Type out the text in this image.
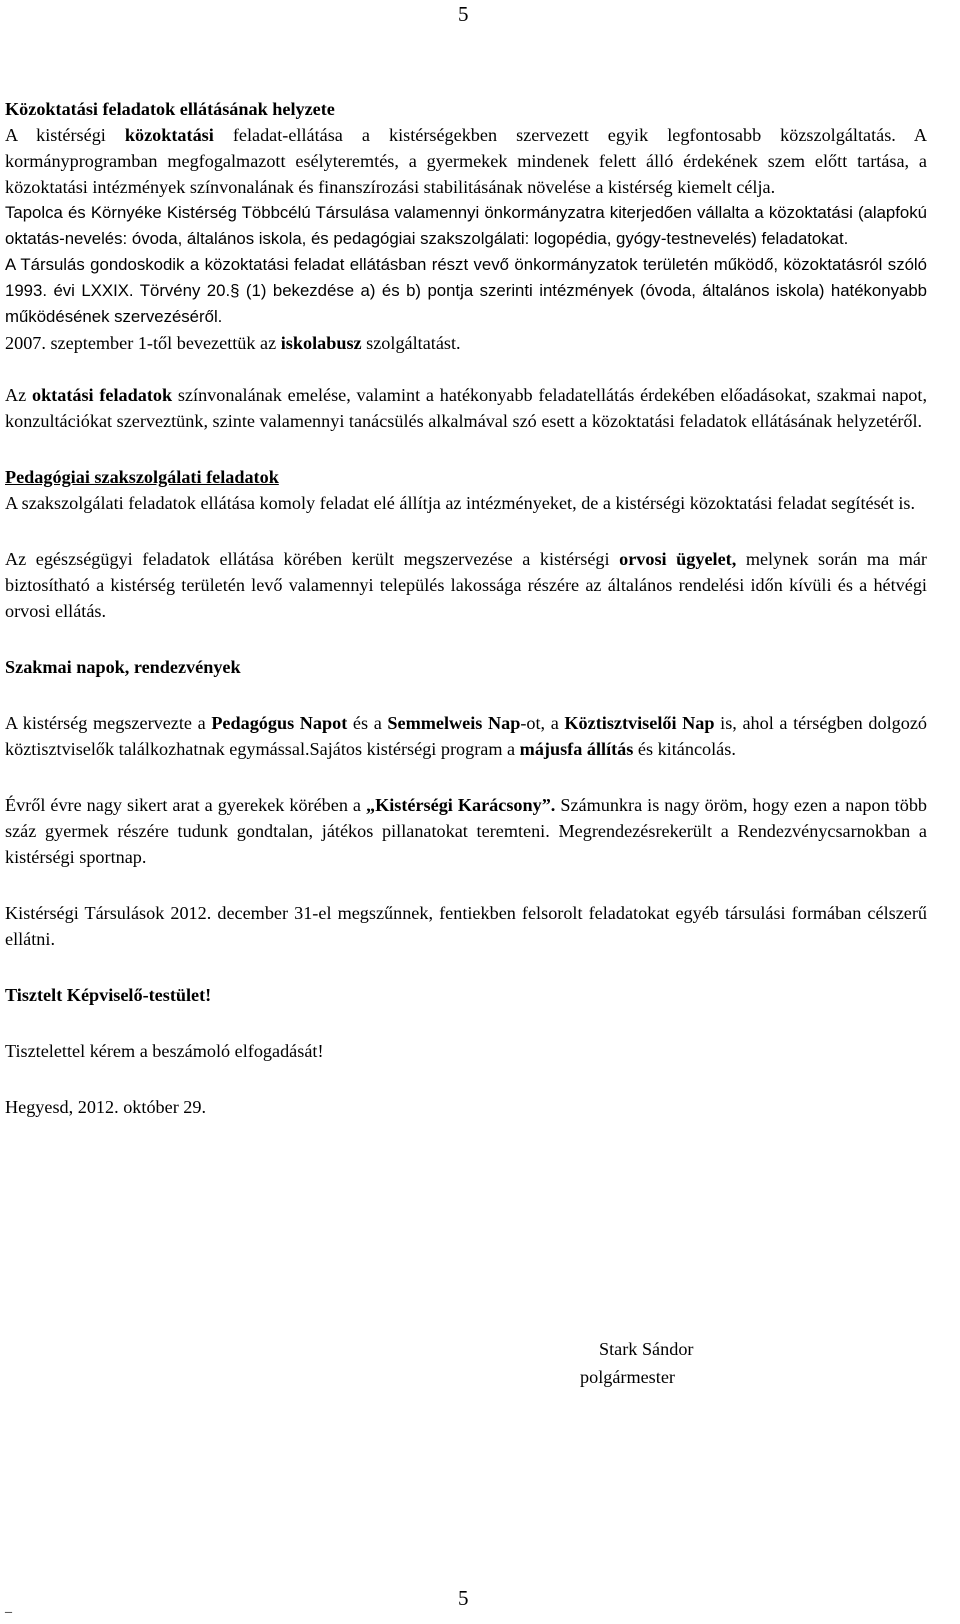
5

Közoktatási feladatok ellátásának helyzete

A kistérségi közoktatási feladat-ellátása a kistérségekben szervezett egyik legfontosabb közszolgáltatás. A kormányprogramban megfogalmazott esélyteremtés, a gyermekek mindenek felett álló érdekének szem előtt tartása, a közoktatási intézmények színvonalának és finanszírozási stabilitásának növelése a kistérség kiemelt célja.

Tapolca és Környéke Kistérség Többcélú Társulása valamennyi önkormányzatra kiterjedően vállalta a közoktatási (alapfokú oktatás-nevelés: óvoda, általános iskola, és pedagógiai szakszolgálati: logopédia, gyógy-testnevelés) feladatokat.

A Társulás gondoskodik a közoktatási feladat ellátásban részt vevő önkormányzatok területén működő, közoktatásról szóló 1993. évi LXXIX. Törvény 20.§ (1) bekezdése a) és b) pontja szerinti intézmények (óvoda, általános iskola) hatékonyabb működésének szervezéséről.

2007. szeptember 1-től bevezettük az iskolabusz szolgáltatást.

Az oktatási feladatok színvonalának emelése, valamint a hatékonyabb feladatellátás érdekében előadásokat, szakmai napot, konzultációkat szerveztünk, szinte valamennyi tanácsülés alkalmával szó esett a közoktatási feladatok ellátásának helyzetéről.

Pedagógiai szakszolgálati feladatok

A szakszolgálati feladatok ellátása komoly feladat elé állítja az intézményeket, de a kistérségi közoktatási feladat segítését is.

Az egészségügyi feladatok ellátása körében került megszervezése a kistérségi orvosi ügyelet, melynek során ma már biztosítható a kistérség területén levő valamennyi település lakossága részére az általános rendelési időn kívüli és a hétvégi orvosi ellátás.

Szakmai napok, rendezvények

A kistérség megszervezte a Pedagógus Napot és a Semmelweis Nap-ot, a Köztisztviselői Nap is, ahol a térségben dolgozó köztisztviselők találkozhatnak egymással.Sajátos kistérségi program a májusfa állítás és kitáncolás.

Évről évre nagy sikert arat a gyerekek körében a „Kistérségi Karácsony”. Számunkra is nagy öröm, hogy ezen a napon több száz gyermek részére tudunk gondtalan, játékos pillanatokat teremteni. Megrendezésrekerült a Rendezvénycsarnokban a kistérségi sportnap.

Kistérségi Társulások 2012. december 31-el megszűnnek, fentiekben felsorolt feladatokat egyéb társulási formában célszerű ellátni.

Tisztelt Képviselő-testület!

Tisztelettel kérem a beszámoló elfogadását!

Hegyesd, 2012. október 29.

Stark Sándor
polgármester
_	5
